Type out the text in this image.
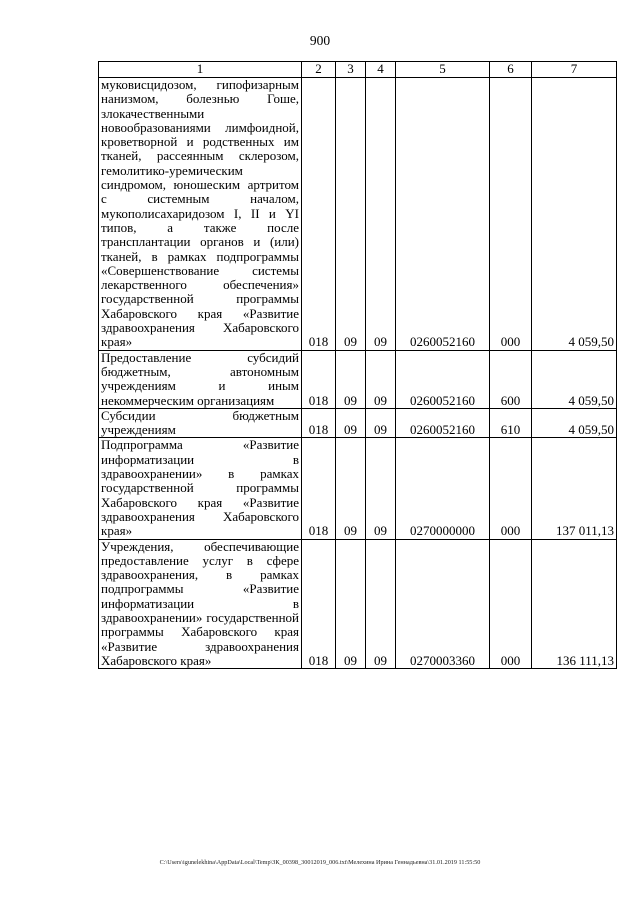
900
1	2	3	4	5	6	7
муковисцидозом, гипофизарным нанизмом, болезнью Гоше, злокачественными новообразованиями лимфоидной, кроветворной и родственных им тканей, рассеянным склерозом, гемолитико-уремическим синдромом, юношеским артритом с системным началом, мукополисахаридозом I, II и YI типов, а также после трансплантации органов и (или) тканей, в рамках подпрограммы «Совершенствование системы лекарственного обеспечения» государственной программы Хабаровского края «Развитие здравоохранения Хабаровского края»	018	09	09	0260052160	000	4 059,50
Предоставление субсидий бюджетным, автономным учреждениям и иным некоммерческим организациям	018	09	09	0260052160	600	4 059,50
Субсидии бюджетным учреждениям	018	09	09	0260052160	610	4 059,50
Подпрограмма «Развитие информатизации в здравоохранении» в рамках государственной программы Хабаровского края «Развитие здравоохранения Хабаровского края»	018	09	09	0270000000	000	137 011,13
Учреждения, обеспечивающие предоставление услуг в сфере здравоохранения, в рамках подпрограммы «Развитие информатизации в здравоохранении» государственной программы Хабаровского края «Развитие здравоохранения Хабаровского края»	018	09	09	0270003360	000	136 111,13
C:\Users\igunelekhina\AppData\Local\Temp\ЗК_00398_30012019_006.txt\Мелехина Ирина Геннадьевна\31.01.2019 11:55:50
